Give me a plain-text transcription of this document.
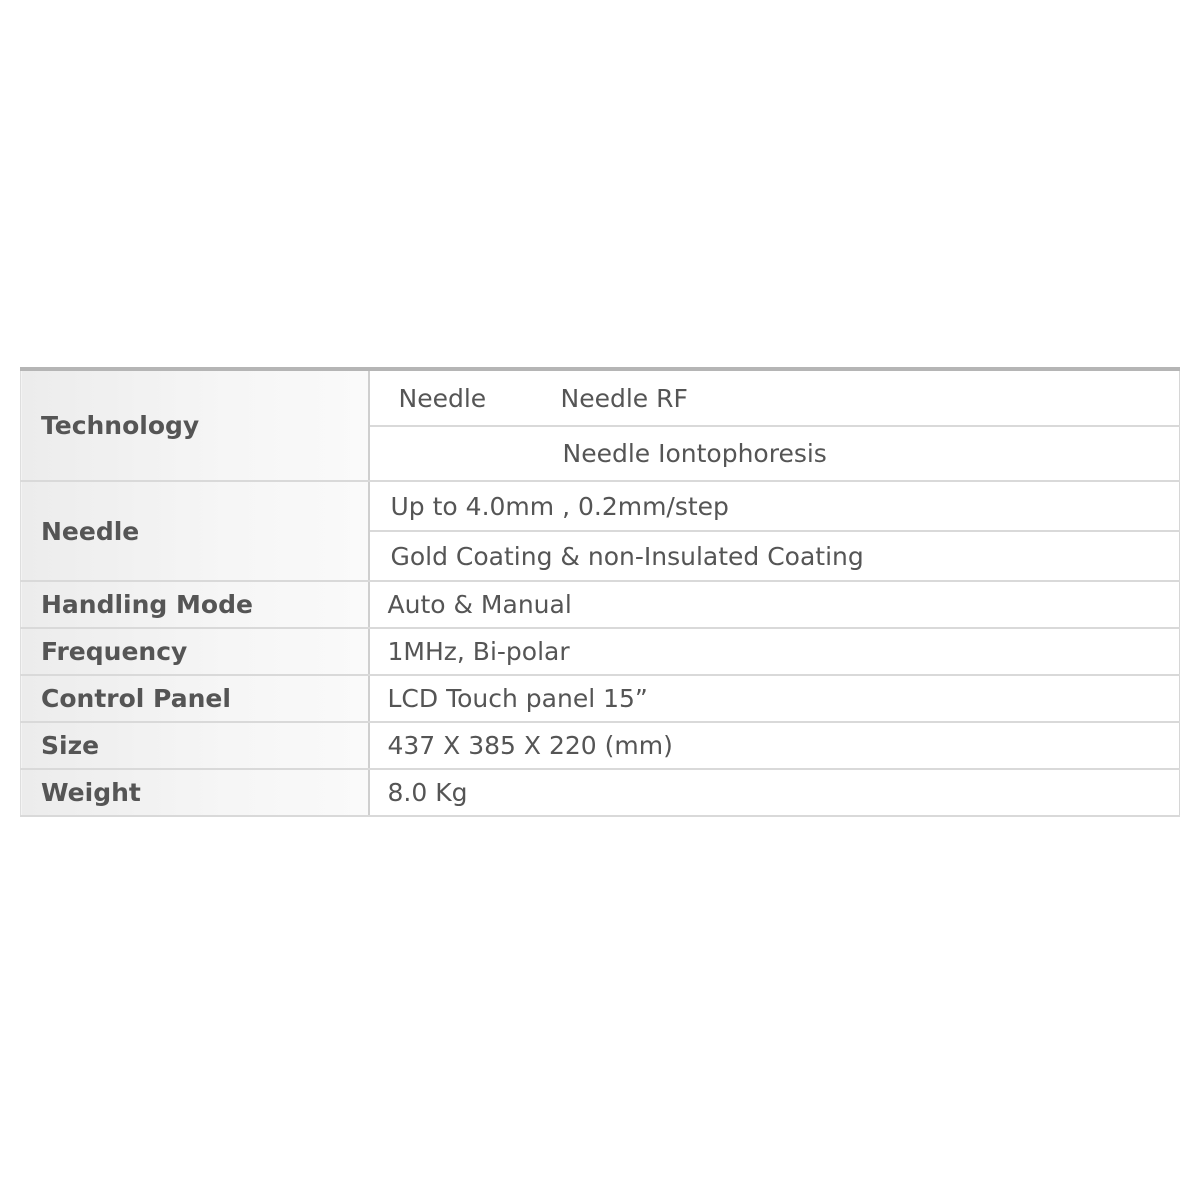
Technology	Needle Needle RF
	Needle Iontophoresis
Needle	Up to 4.0mm , 0.2mm/step
	Gold Coating & non-Insulated Coating
Handling Mode	Auto & Manual
Frequency	1MHz, Bi-polar
Control Panel	LCD Touch panel 15”
Size	437 X 385 X 220 (mm)
Weight	8.0 Kg
